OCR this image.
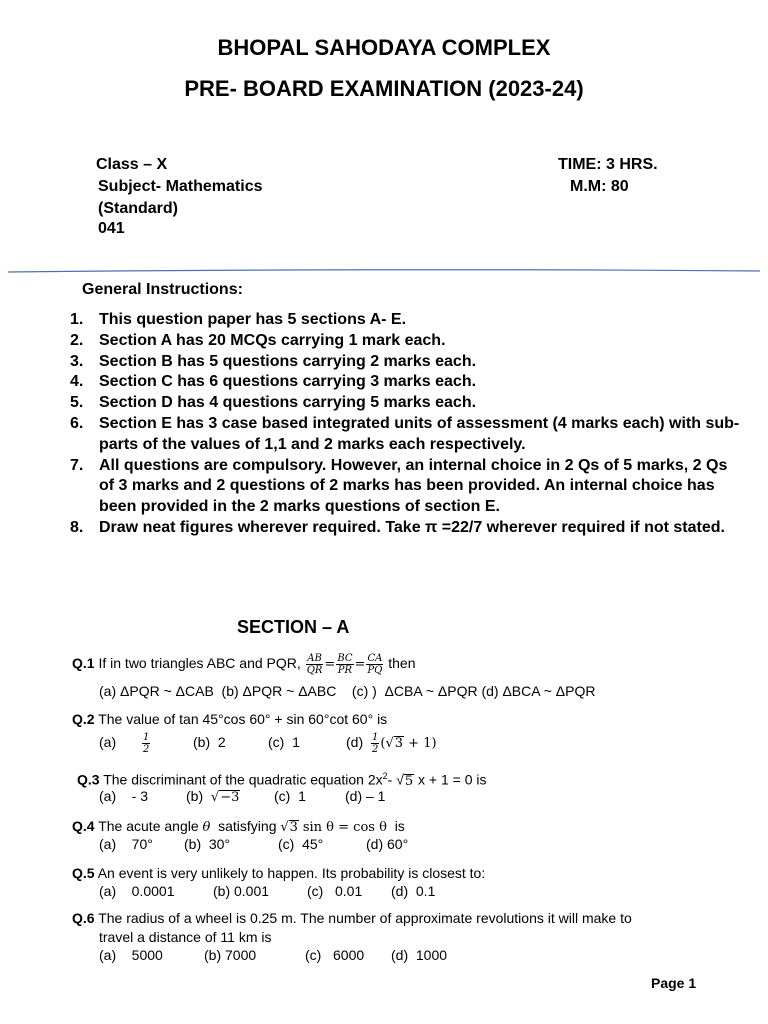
BHOPAL SAHODAYA COMPLEX
PRE- BOARD EXAMINATION (2023-24)
Class – X
Subject- Mathematics
(Standard)
041
TIME: 3 HRS.
M.M: 80
General Instructions:
1. This question paper has 5 sections A- E.
2. Section A has 20 MCQs carrying 1 mark each.
3. Section B has 5 questions carrying 2 marks each.
4. Section C has 6 questions carrying 3 marks each.
5. Section D has 4 questions carrying 5 marks each.
6. Section E has 3 case based integrated units of assessment (4 marks each) with sub-parts of the values of 1,1 and 2 marks each respectively.
7. All questions are compulsory. However, an internal choice in 2 Qs of 5 marks, 2 Qs of 3 marks and 2 questions of 2 marks has been provided. An internal choice has been provided in the 2 marks questions of section E.
8. Draw neat figures wherever required. Take π =22/7 wherever required if not stated.
SECTION – A
Q.1 If in two triangles ABC and PQR, $\frac{AB}{QR} = \frac{BC}{PR} = \frac{CA}{PQ}$ then
(a) ΔPQR ~ ΔCAB  (b) ΔPQR ~ ΔABC    (c) )  ΔCBA ~ ΔPQR (d) ΔBCA ~ ΔPQR
Q.2 The value of tan 45°cos 60° + sin 60°cot 60° is
(a)	$\frac{1}{2}$	(b)  2	(c)  1	$(d) \frac{1}{2} (√3 + 1)$
Q.3 The discriminant of the quadratic equation $2x^2-$ √5 x + 1 = 0 is
(a)    - 3	(b) √−3 (c)  1	(d) – 1
Q.4 The acute angle θ satisfying √3 sin θ = cos θ is
(a)    70° (b)  30°	(c)  45°	(d) 60°
Q.5 An event is very unlikely to happen. Its probability is closest to:
(a)    0.0001	(b) 0.001	(c)   0.01 (d)  0.1
Q.6 The radius of a wheel is 0.25 m. The number of approximate revolutions it will make to
travel a distance of 11 km is
(a)    5000	(b) 7000	(c)   6000 (d)  1000
Page 1
